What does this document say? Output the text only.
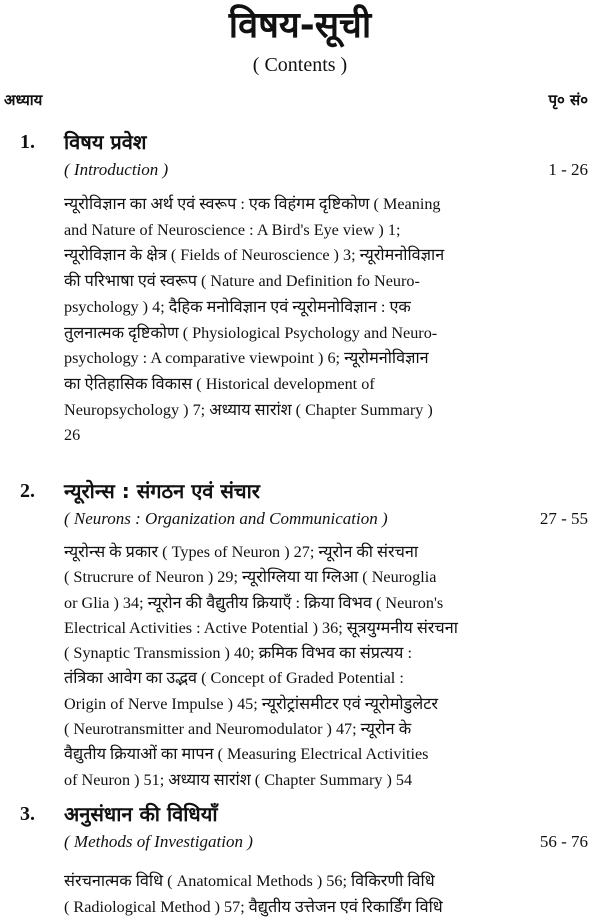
विषय-सूची
( Contents )
अध्याय	पृ० सं०
1. विषय प्रवेश
( Introduction )	1 - 26
न्यूरोविज्ञान का अर्थ एवं स्वरूप : एक विहंगम दृष्टिकोण ( Meaning
and Nature of Neuroscience : A Bird's Eye view ) 1;
न्यूरोविज्ञान के क्षेत्र ( Fields of Neuroscience ) 3; न्यूरोमनोविज्ञान
की परिभाषा एवं स्वरूप ( Nature and Definition fo Neuro-
psychology ) 4; दैहिक मनोविज्ञान एवं न्यूरोमनोविज्ञान : एक
तुलनात्मक दृष्टिकोण ( Physiological Psychology and Neuro-
psychology : A comparative viewpoint ) 6; न्यूरोमनोविज्ञान
का ऐतिहासिक विकास ( Historical development of
Neuropsychology ) 7; अध्याय सारांश ( Chapter Summary )
26
2. न्यूरोन्स : संगठन एवं संचार
( Neurons : Organization and Communication )	27 - 55
न्यूरोन्स के प्रकार ( Types of Neuron ) 27; न्यूरोन की संरचना
( Strucrure of Neuron ) 29; न्यूरोग्लिया या ग्लिआ ( Neuroglia
or Glia ) 34; न्यूरोन की वैद्युतीय क्रियाएँ : क्रिया विभव ( Neuron's
Electrical Activities : Active Potential ) 36; सूत्रयुग्मनीय संरचना
( Synaptic Transmission ) 40; क्रमिक विभव का संप्रत्यय :
तंत्रिका आवेग का उद्भव ( Concept of Graded Potential :
Origin of Nerve Impulse ) 45; न्यूरोट्रांसमीटर एवं न्यूरोमोडुलेटर
( Neurotransmitter and Neuromodulator ) 47; न्यूरोन के
वैद्युतीय क्रियाओं का मापन ( Measuring Electrical Activities
of Neuron ) 51; अध्याय सारांश ( Chapter Summary ) 54
3. अनुसंधान की विधियाँ
( Methods of Investigation )	56 - 76
संरचनात्मक विधि ( Anatomical Methods ) 56; विकिरणी विधि
( Radiological Method ) 57; वैद्युतीय उत्तेजन एवं रिकार्डिंग विधि
